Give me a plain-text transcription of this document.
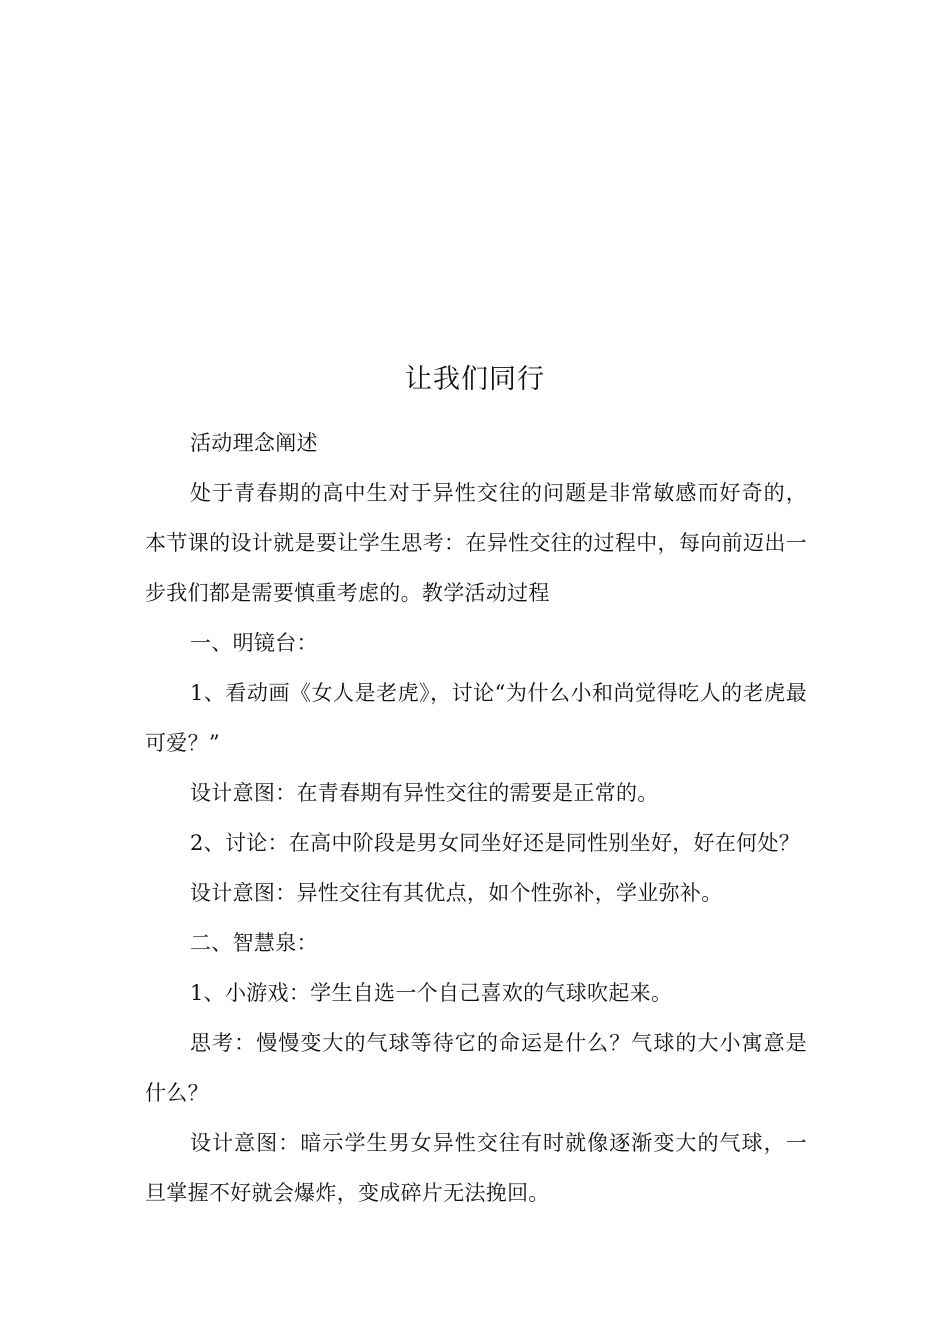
让我们同行

活动理念阐述

处于青春期的高中生对于异性交往的问题是非常敏感而好奇的，本节课的设计就是要让学生思考：在异性交往的过程中，每向前迈出一步我们都是需要慎重考虑的。教学活动过程

一、明镜台：

1、看动画《女人是老虎》，讨论“为什么小和尚觉得吃人的老虎最可爱？”

设计意图：在青春期有异性交往的需要是正常的。

2、讨论：在高中阶段是男女同坐好还是同性别坐好，好在何处？

设计意图：异性交往有其优点，如个性弥补，学业弥补。

二、智慧泉：

1、小游戏：学生自选一个自己喜欢的气球吹起来。

思考：慢慢变大的气球等待它的命运是什么？气球的大小寓意是什么？

设计意图：暗示学生男女异性交往有时就像逐渐变大的气球，一旦掌握不好就会爆炸，变成碎片无法挽回。
